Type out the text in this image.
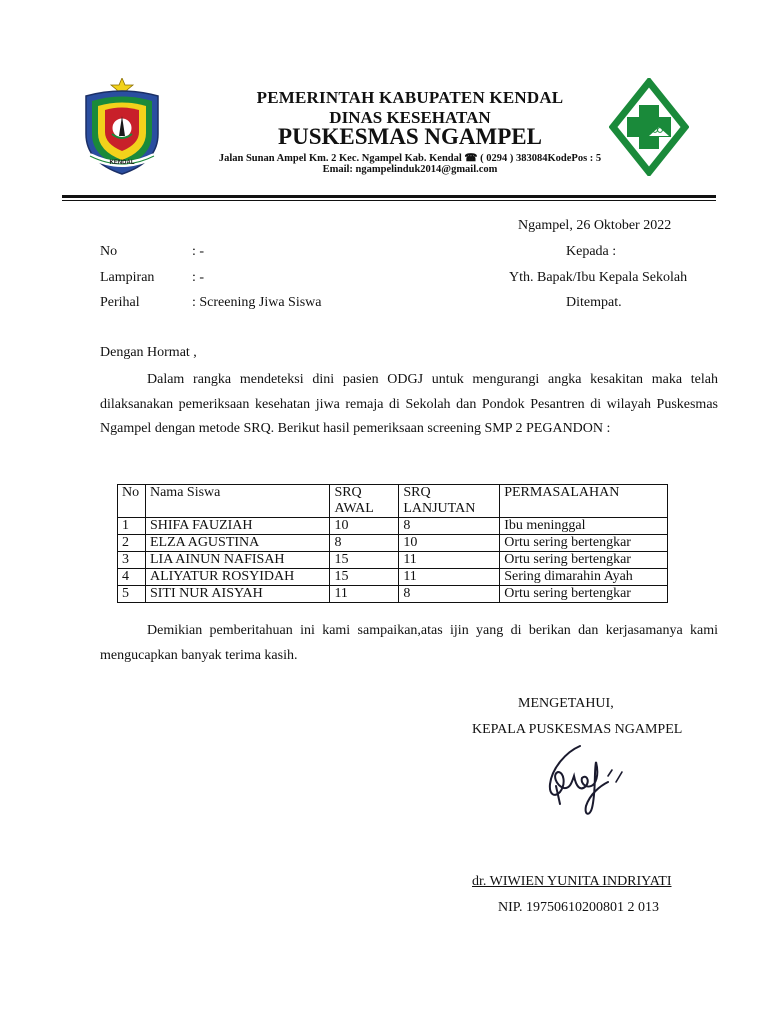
KENDAL
PEMERINTAH KABUPATEN KENDAL
DINAS KESEHATAN
PUSKESMAS NGAMPEL
Jalan Sunan Ampel Km. 2 Kec. Ngampel Kab. Kendal ☎ ( 0294 ) 383084KodePos : 5
Email: ngampelinduk2014@gmail.com
Ngampel, 26 Oktober 2022
No	: -	Kepada :
Lampiran	: -	Yth. Bapak/Ibu Kepala Sekolah
Perihal	: Screening Jiwa Siswa	Ditempat.
Dengan Hormat ,

Dalam rangka mendeteksi dini pasien ODGJ untuk mengurangi angka kesakitan maka telah dilaksanakan pemeriksaan kesehatan jiwa remaja di Sekolah dan Pondok Pesantren di wilayah Puskesmas Ngampel dengan metode SRQ. Berikut hasil pemeriksaan screening SMP 2 PEGANDON :

No	Nama Siswa	SRQ AWAL	SRQ LANJUTAN	PERMASALAHAN
1	SHIFA FAUZIAH	10	8	Ibu meninggal
2	ELZA AGUSTINA	8	10	Ortu sering bertengkar
3	LIA AINUN NAFISAH	15	11	Ortu sering bertengkar
4	ALIYATUR ROSYIDAH	15	11	Sering dimarahin Ayah
5	SITI NUR AISYAH	11	8	Ortu sering bertengkar

Demikian pemberitahuan ini kami sampaikan,atas ijin yang di berikan dan kerjasamanya kami mengucapkan banyak terima kasih.

MENGETAHUI,
KEPALA PUSKESMAS NGAMPEL
dr. WIWIEN YUNITA INDRIYATI
NIP. 19750610200801 2 013
